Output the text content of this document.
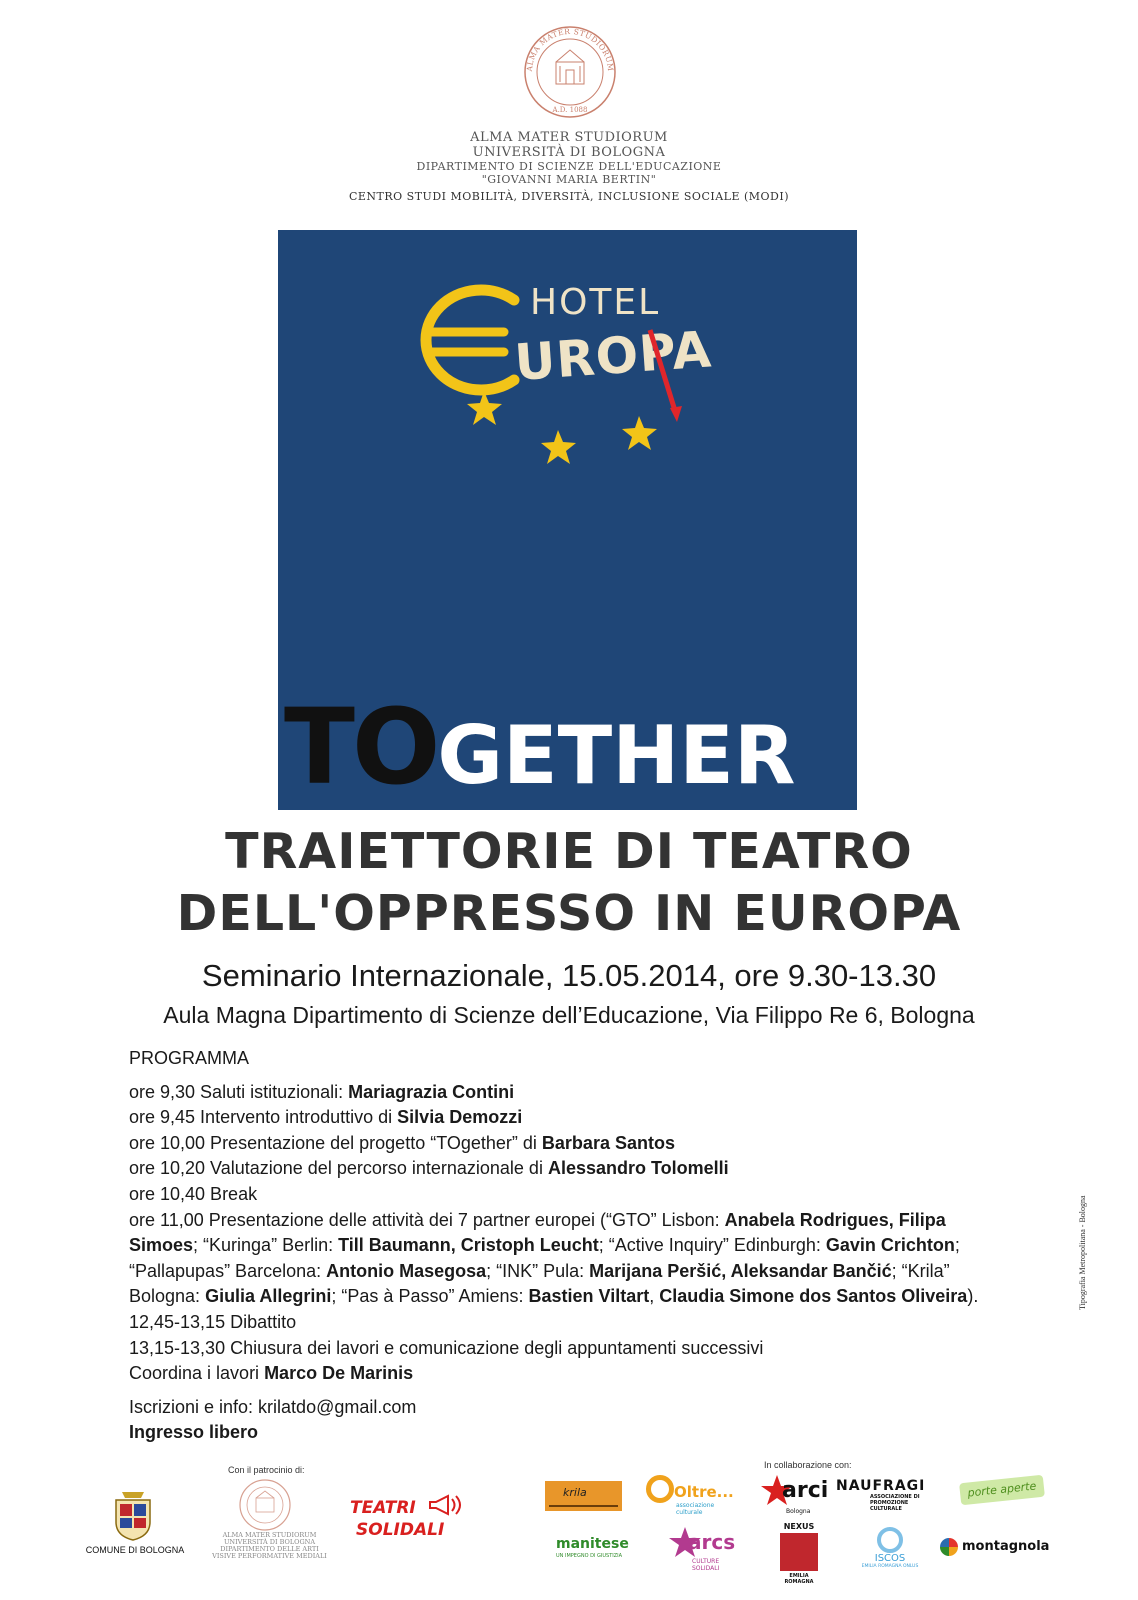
ALMA MATER STUDIORUM
A.D. 1088
ALMA MATER STUDIORUM
UNIVERSITÀ DI BOLOGNA
DIPARTIMENTO DI SCIENZE DELL'EDUCAZIONE
"GIOVANNI MARIA BERTIN"
CENTRO STUDI MOBILITÀ, DIVERSITÀ, INCLUSIONE SOCIALE (MODI)
HOTEL
UROPA
TOGETHER
TRAIETTORIE DI TEATRO
DELL'OPPRESSO IN EUROPA
Seminario Internazionale, 15.05.2014, ore 9.30-13.30
Aula Magna Dipartimento di Scienze dell’Educazione, Via Filippo Re 6, Bologna
PROGRAMMA
ore 9,30 Saluti istituzionali: Mariagrazia Contini
ore 9,45 Intervento introduttivo di Silvia Demozzi
ore 10,00 Presentazione del progetto “TOgether” di Barbara Santos
ore 10,20 Valutazione del percorso internazionale di Alessandro Tolomelli
ore 10,40 Break
ore 11,00 Presentazione delle attività dei 7 partner europei (“GTO” Lisbon: Anabela Rodrigues, Filipa Simoes; “Kuringa” Berlin: Till Baumann, Cristoph Leucht; “Active Inquiry” Edinburgh: Gavin Crichton; “Pallapupas” Barcelona: Antonio Masegosa; “INK” Pula: Marijana Peršić, Aleksandar Bančić; “Krila” Bologna: Giulia Allegrini; “Pas à Passo” Amiens: Bastien Viltart, Claudia Simone dos Santos Oliveira).
12,45-13,15 Dibattito
13,15-13,30 Chiusura dei lavori e comunicazione degli appuntamenti successivi
Coordina i lavori Marco De Marinis
Iscrizioni e info: krilatdo@gmail.com
Ingresso libero
Tipografia Metropolitana - Bologna
Con il patrocinio di:	In collaborazione con:
COMUNE DI BOLOGNA
ALMA MATER STUDIORUM
UNIVERSITÀ DI BOLOGNA
DIPARTIMENTO DELLE ARTI
VISIVE PERFORMATIVE MEDIALI
TEATRI
SOLIDALI
krila	Oltre...
associazione culturale
arci
Bologna
NAUFRAGI
ASSOCIAZIONE DI PROMOZIONE CULTURALE
porte aperte
manitese
UN IMPEGNO DI GIUSTIZIA
arcs
CULTURE SOLIDALI
NEXUS
EMILIA ROMAGNA
ISCOS
EMILIA ROMAGNA ONLUS
montagnola
